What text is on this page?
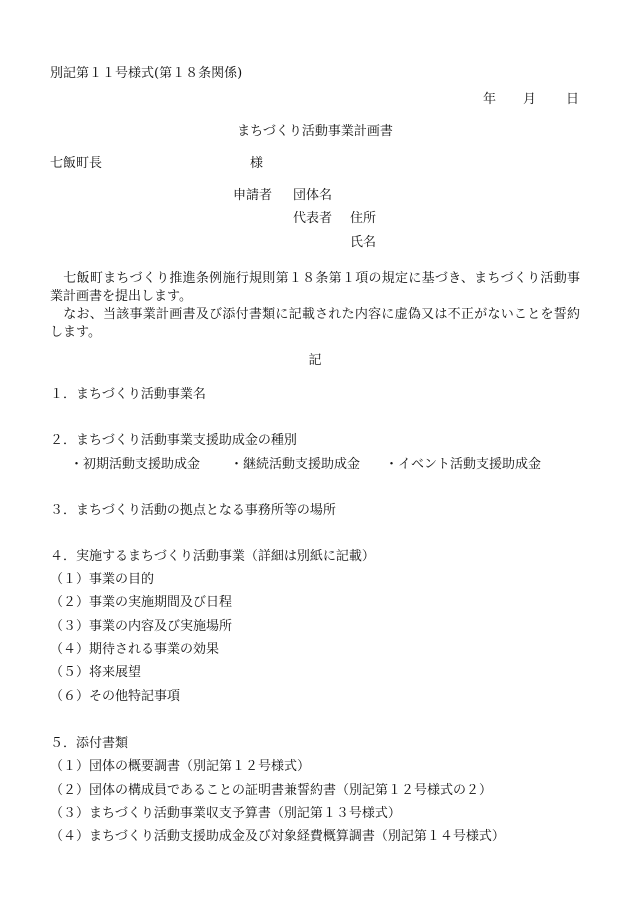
別記第１１号様式(第１８条関係)
年 月 日
まちづくり活動事業計画書
七飯町長	様
申請者 団体名
代表者 住所
氏名
　七飯町まちづくり推進条例施行規則第１８条第１項の規定に基づき、まちづくり活動事業計画書を提出します。
　なお、当該事業計画書及び添付書類に記載された内容に虚偽又は不正がないことを誓約します。
記
１．まちづくり活動事業名
２．まちづくり活動事業支援助成金の種別
・初期活動支援助成金 ・継続活動支援助成金 ・イベント活動支援助成金
３．まちづくり活動の拠点となる事務所等の場所
４．実施するまちづくり活動事業（詳細は別紙に記載）
（１）事業の目的
（２）事業の実施期間及び日程
（３）事業の内容及び実施場所
（４）期待される事業の効果
（５）将来展望
（６）その他特記事項
５．添付書類
（１）団体の概要調書（別記第１２号様式）
（２）団体の構成員であることの証明書兼誓約書（別記第１２号様式の２）
（３）まちづくり活動事業収支予算書（別記第１３号様式）
（４）まちづくり活動支援助成金及び対象経費概算調書（別記第１４号様式）
